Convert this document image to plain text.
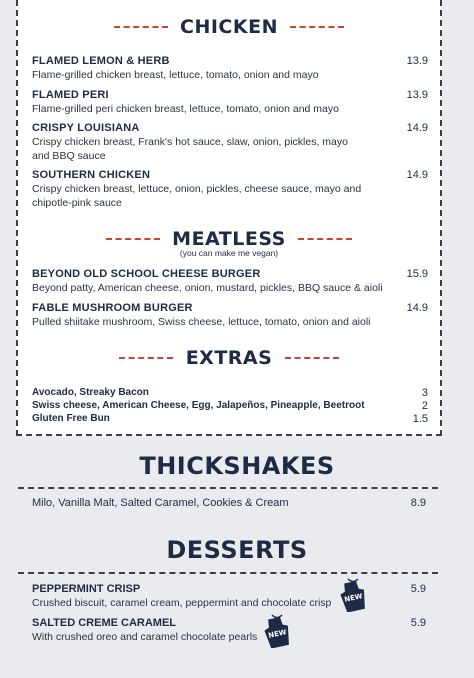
CHICKEN
FLAMED LEMON & HERB
Flame-grilled chicken breast, lettuce, tomato, onion and mayo
13.9
FLAMED PERI
Flame-grilled peri chicken breast, lettuce, tomato, onion and mayo
13.9
CRISPY LOUISIANA
Crispy chicken breast, Frank's hot sauce, slaw, onion, pickles, mayo and BBQ sauce
14.9
SOUTHERN CHICKEN
Crispy chicken breast, lettuce, onion, pickles, cheese sauce, mayo and chipotle-pink sauce
14.9
MEATLESS
(you can make me vegan)
BEYOND OLD SCHOOL CHEESE BURGER
Beyond patty, American cheese, onion, mustard, pickles, BBQ sauce & aioli
15.9
FABLE MUSHROOM BURGER
Pulled shiitake mushroom, Swiss cheese, lettuce, tomato, onion and aioli
14.9
EXTRAS
Avocado, Streaky Bacon	3
Swiss cheese, American Cheese, Egg, Jalapeños, Pineapple, Beetroot	2
Gluten Free Bun	1.5
THICKSHAKES
Milo, Vanilla Malt, Salted Caramel, Cookies & Cream	8.9
DESSERTS
PEPPERMINT CRISP
Crushed biscuit, caramel cream, peppermint and chocolate crisp
5.9
SALTED CREME CARAMEL
With crushed oreo and caramel chocolate pearls
5.9
NEW
NEW
